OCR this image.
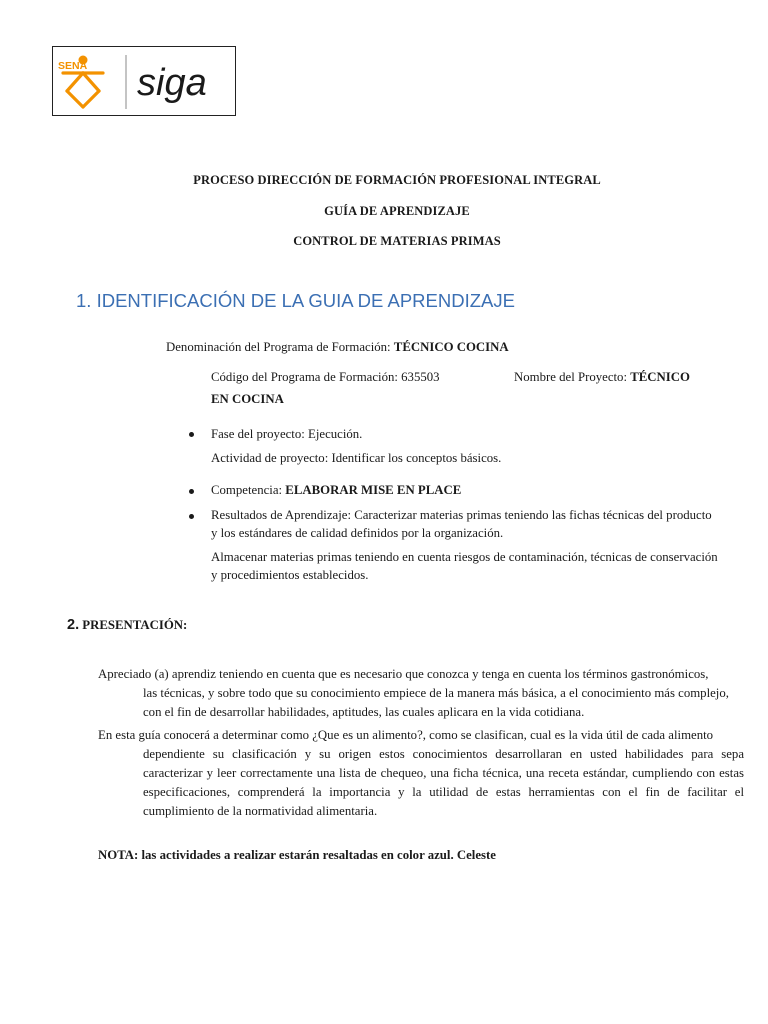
SENA siga
PROCESO DIRECCIÓN DE FORMACIÓN PROFESIONAL INTEGRAL
GUÍA DE APRENDIZAJE
CONTROL DE MATERIAS PRIMAS
1. IDENTIFICACIÓN DE LA GUIA DE APRENDIZAJE
Denominación del Programa de Formación: TÉCNICO COCINA
Código del Programa de Formación: 635503	Nombre del Proyecto: TÉCNICO
EN COCINA
Fase del proyecto: Ejecución.
Actividad de proyecto: Identificar los conceptos básicos.
Competencia: ELABORAR MISE EN PLACE
Resultados de Aprendizaje: Caracterizar materias primas teniendo las fichas técnicas del producto
y los estándares de calidad definidos por la organización.
Almacenar materias primas teniendo en cuenta riesgos de contaminación, técnicas de conservación
y procedimientos establecidos.
2. PRESENTACIÓN:
Apreciado (a) aprendiz teniendo en cuenta que es necesario que conozca y tenga en cuenta los términos gastronómicos,
las técnicas, y sobre todo que su conocimiento empiece de la manera más básica, a el conocimiento más complejo, con el fin de desarrollar habilidades, aptitudes, las cuales aplicara en la vida cotidiana.
En esta guía conocerá a determinar como ¿Que es un alimento?, como se clasifican, cual es la vida útil de cada alimento
dependiente su clasificación y su origen estos conocimientos desarrollaran en usted habilidades para sepa caracterizar y leer correctamente una lista de chequeo, una ficha técnica, una receta estándar, cumpliendo con estas especificaciones, comprenderá la importancia y la utilidad de estas herramientas con el fin de facilitar el cumplimiento de la normatividad alimentaria.
NOTA: las actividades a realizar estarán resaltadas en color azul. Celeste
